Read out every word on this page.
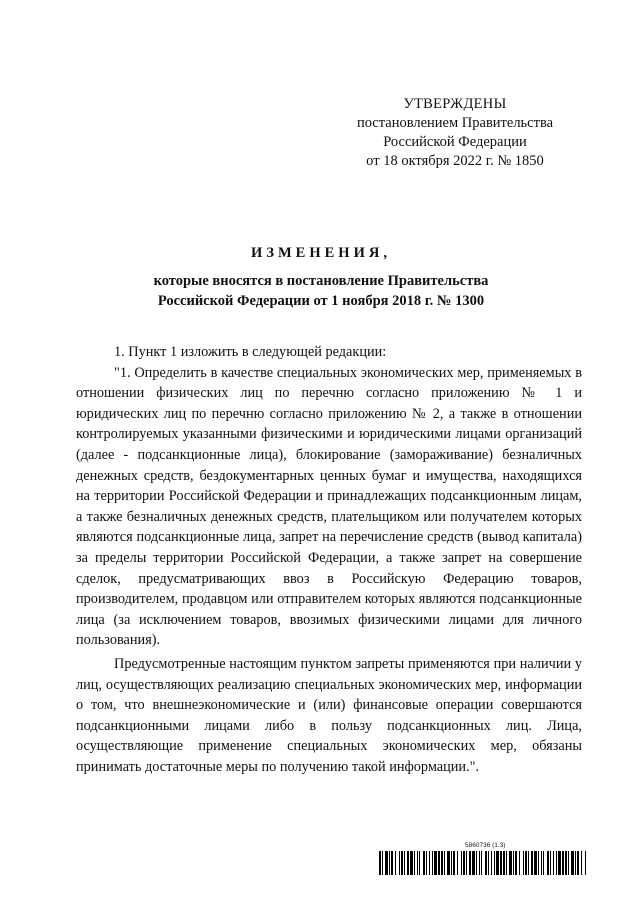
УТВЕРЖДЕНЫ
постановлением Правительства
Российской Федерации
от 18 октября 2022 г. № 1850
ИЗМЕНЕНИЯ,
которые вносятся в постановление Правительства
Российской Федерации от 1 ноября 2018 г. № 1300

1. Пункт 1 изложить в следующей редакции:

"1. Определить в качестве специальных экономических мер, применяемых в отношении физических лиц по перечню согласно приложению № 1 и юридических лиц по перечню согласно приложению № 2, а также в отношении контролируемых указанными физическими и юридическими лицами организаций (далее - подсанкционные лица), блокирование (замораживание) безналичных денежных средств, бездокументарных ценных бумаг и имущества, находящихся на территории Российской Федерации и принадлежащих подсанкционным лицам, а также безналичных денежных средств, плательщиком или получателем которых являются подсанкционные лица, запрет на перечисление средств (вывод капитала) за пределы территории Российской Федерации, а также запрет на совершение сделок, предусматривающих ввоз в Российскую Федерацию товаров, производителем, продавцом или отправителем которых являются подсанкционные лица (за исключением товаров, ввозимых физическими лицами для личного пользования).

Предусмотренные настоящим пунктом запреты применяются при наличии у лиц, осуществляющих реализацию специальных экономических мер, информации о том, что внешнеэкономические и (или) финансовые операции совершаются подсанкционными лицами либо в пользу подсанкционных лиц. Лица, осуществляющие применение специальных экономических мер, обязаны принимать достаточные меры по получению такой информации.".

5860736 (1.3)
